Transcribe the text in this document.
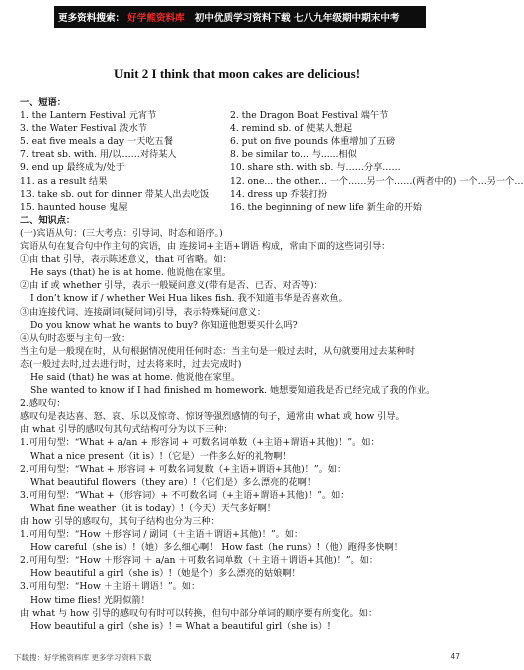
更多资料搜索： 好学熊资料库 初中优质学习资料下载 七八九年级期中期末中考
Unit 2 I think that moon cakes are delicious!
一、短语：
1. the Lantern Festival 元宵节	2. the Dragon Boat Festival 端午节
3. the Water Festival 泼水节	4. remind sb. of 使某人想起
5. eat five meals a day 一天吃五餐	6. put on five pounds 体重增加了五磅
7. treat sb. with. 用/以……对待某人	8. be similar to... 与......相似
9. end up 最终成为/处于	10. share sth. with sb. 与……分享……
11. as a result 结果	12. one... the other... 一个……另一个……(两者中的) 一个…另一个…
13. take sb. out for dinner 带某人出去吃饭	14. dress up 乔装打扮
15. haunted house 鬼屋	16. the beginning of new life 新生命的开始
二、知识点：
(一)宾语从句：(三大考点：引导词、时态和语序。)
宾语从句在复合句中作主句的宾语，由 连接词+主语+谓语 构成，常由下面的这些词引导：
①由 that 引导，表示陈述意义，that 可省略。如：
He says (that) he is at home. 他说他在家里。
②由 if 或 whether 引导，表示一般疑问意义(带有是否、已否、对否等)：
I don’t know if / whether Wei Hua likes fish. 我不知道韦华是否喜欢鱼。
③由连接代词、连接副词(疑问词)引导，表示特殊疑问意义：
Do you know what he wants to buy? 你知道他想要买什么吗?
④从句时态要与主句一致：
当主句是一般现在时，从句根据情况使用任何时态：当主句是一般过去时，从句就要用过去某种时
态(一般过去时,过去进行时，过去将来时，过去完成时)
He said (that) he was at home. 他说他在家里。
She wanted to know if I had finished m homework. 她想要知道我是否已经完成了我的作业。
2.感叹句：
感叹句是表达喜、怒、哀、乐以及惊奇、惊讶等强烈感情的句子，通常由 what 或 how 引导。
由 what 引导的感叹句其句式结构可分为以下三种：
1.可用句型：“What + a/an + 形容词 + 可数名词单数（+主语+谓语+其他)！”。如：
What a nice present（it is）!（它是）一件多么好的礼物啊！
2.可用句型：“What + 形容词 + 可数名词复数（+主语+谓语+其他)！”。如：
What beautiful flowers（they are）!（它们是）多么漂亮的花啊！
3.可用句型：“What +（形容词）+ 不可数名词（+主语+谓语+其他)！”。如：
What fine weather（it is today）!（今天）天气多好啊！
由 how 引导的感叹句，其句子结构也分为三种：
1.可用句型：“How ＋形容词 / 副词（＋主语＋谓语+其他)！”。如：
How careful（she is）!（她）多么细心啊！ How fast（he runs）!（他）跑得多快啊！
2.可用句型：“How ＋形容词 ＋ a/an ＋可数名词单数（＋主语＋谓语+其他)！”。如：
How beautiful a girl（she is）!（她是个）多么漂亮的姑娘啊！
3.可用句型：“How ＋主语＋谓语！”。如：
How time flies! 光阴似箭！
由 what 与 how 引导的感叹句有时可以转换，但句中部分单词的顺序要有所变化。如：
How beautiful a girl（she is）! = What a beautiful girl（she is）!
下载搜：好学熊资料库 更多学习资料下载	47
